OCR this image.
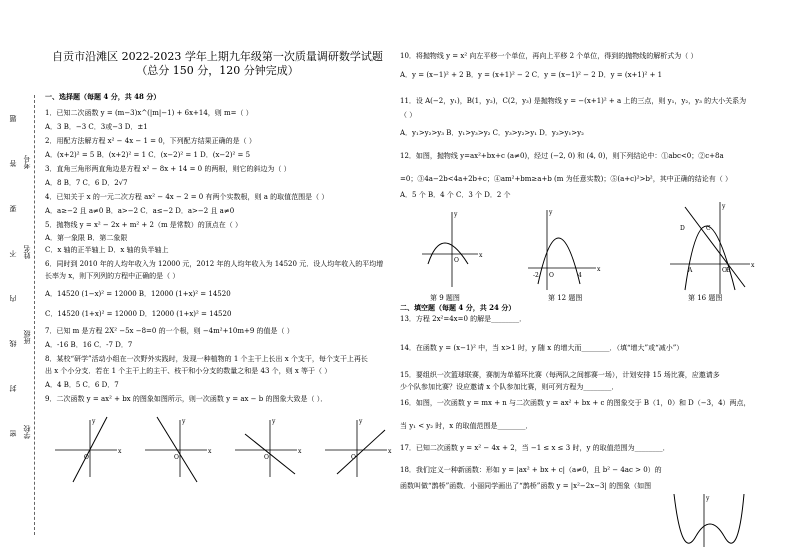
题
答
要
不
内
线
封
密
考号
姓名
班级
学校
自贡市沿滩区 2022-2023 学年上期九年级第一次质量调研数学试题
（总分 150 分，120 分钟完成）
一、选择题（每题 4 分，共 48 分）
1．已知二次函数 y = (m−3)x^(|m|−1) + 6x+14，则 m=（ ）
A．3 B．−3 C．3或−3 D．±1
2．用配方法解方程 x² − 4x − 1 = 0，下列配方结果正确的是（ ）
A．(x+2)² = 5 B．(x+2)² = 1 C．(x−2)² = 1 D．(x−2)² = 5
3．直角三角形两直角边是方程 x² − 8x + 14 = 0 的两根，则它的斜边为（ ）
A．8 B．7 C．6 D．2√7
4．已知关于 x 的一元二次方程 ax² − 4x − 2 = 0 有两个实数根，则 a 的取值范围是（ ）
A．a≥−2 且 a≠0 B．a>−2 C．a≤−2 D．a>−2 且 a≠0
5．抛物线 y = x² − 2x + m² + 2（m 是常数）的顶点在（ ）
A．第一象限 B．第二象限
C．x 轴的正半轴上 D．x 轴的负半轴上
6．同时到 2010 年的人均年收入为 12000 元，2012 年的人均年收入为 14520 元．设人均年收入的平均增
长率为 x，则下列列的方程中正确的是（ ）
A．14520 (1−x)² = 12000 B．12000 (1+x)² = 14520
C．14520 (1+x)² = 12000 D．12000 (1+x)² = 14520
7．已知 m 是方程 2X² −5x −8=0 的一个根，则 −4m²+10m+9 的值是（ ）
A．-16 B．16 C．-7 D．7
8．某校“研学”活动小组在一次野外实践时，发现一种植物的 1 个主干上长出 x 个支干，每个支干上再长
出 x 个小分支．若在 1 个主干上的主干、枝干和小分支的数量之和是 43 个，则 x 等于（ ）
A．4 B．5 C．6 D．7
9．二次函数 y = ax² + bx 的图象如图所示，则一次函数 y = ax − b 的图象大致是（ ）．
O
x
y
O
x
y
O
x
y
O
x
y
10．将抛物线 y = x² 向左平移一个单位，再向上平移 2 个单位，得到的抛物线的解析式为（ ）
A．y = (x−1)² + 2 B．y = (x+1)² − 2 C．y = (x−1)² − 2 D．y = (x+1)² + 1
11．设 A(−2，y₁)，B(1，y₂)，C(2，y₃) 是抛物线 y = −(x+1)² + a 上的三点，则 y₁，y₂，y₃ 的大小关系为
（ ）
A．y₁>y₂>y₃ B．y₁>y₃>y₂ C．y₃>y₂>y₁ D．y₃>y₁>y₂
12．如图，抛物线 y=ax²+bx+c (a≠0)，经过 (−2, 0) 和 (4, 0)，则下列结论中：①abc<0；②c+8a
=0；③4a−2b<4a+2b+c；④am²+bm≥a+b (m 为任意实数)；⑤(a+c)²>b²，其中正确的结论有（ ）
A．5 个 B．4 个 C．3 个 D．2 个
x
y
O
-2	4
x
y
O
D	C
B
A	O
x
y
第 9 题图	第 12 题图	第 16 题图
二、填空题（每题 4 分，共 24 分）
13．方程 2x²=4x=0 的解是________．
14．在函数 y = (x−1)² 中，当 x>1 时，y 随 x 的增大而________．（填“增大”或“减小”）
15．要组织一次篮球联赛，赛制为单循环比赛（每两队之间都赛一场），计划安排 15 场比赛，应邀请多
少个队参加比赛？设应邀请 x 个队参加比赛，则可列方程为________．
16．如图，一次函数 y = mx + n 与二次函数 y = ax² + bx + c 的图象交于 B（1，0）和 D（−3，4）两点，
当 y₁ < y₂ 时，x 的取值范围是________．
17．已知二次函数 y = x² − 4x + 2，当 −1 ≤ x ≤ 3 时，y 的取值范围为________．
18．我们定义一种新函数：形如 y = |ax² + bx + c|（a≠0，且 b² − 4ac > 0）的
函数叫做“鹊桥”函数．小丽同学画出了“鹊桥”函数 y = |x²−2x−3| 的图象（如图
y
